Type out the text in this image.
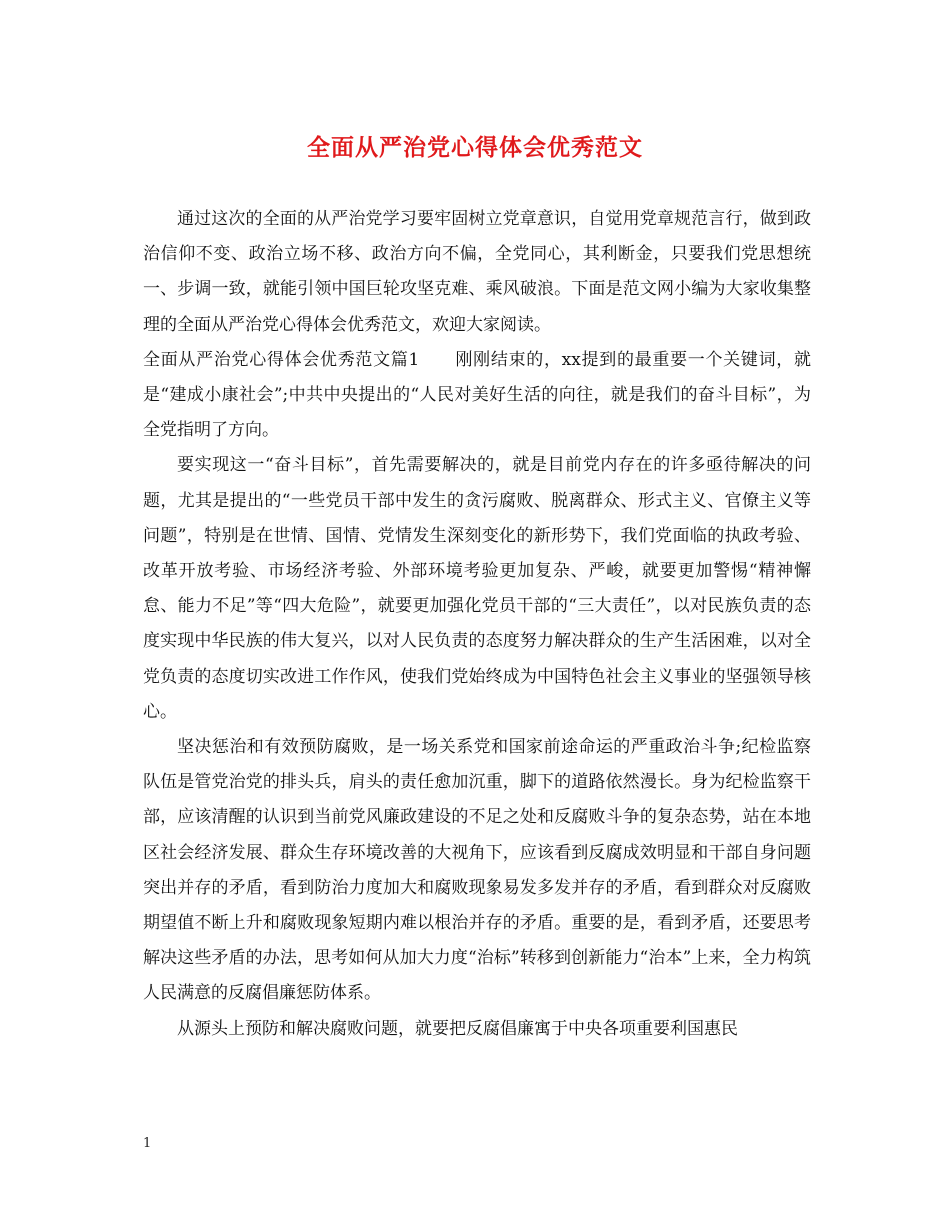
全面从严治党心得体会优秀范文

通过这次的全面的从严治党学习要牢固树立党章意识，自觉用党章规范言行，做到政治信仰不变、政治立场不移、政治方向不偏，全党同心，其利断金，只要我们党思想统一、步调一致，就能引领中国巨轮攻坚克难、乘风破浪。下面是范文网小编为大家收集整理的全面从严治党心得体会优秀范文，欢迎大家阅读。

全面从严治党心得体会优秀范文篇1　　刚刚结束的，xx提到的最重要一个关键词，就是“建成小康社会”;中共中央提出的“人民对美好生活的向往，就是我们的奋斗目标”，为全党指明了方向。

要实现这一“奋斗目标”，首先需要解决的，就是目前党内存在的许多亟待解决的问题，尤其是提出的“一些党员干部中发生的贪污腐败、脱离群众、形式主义、官僚主义等问题”，特别是在世情、国情、党情发生深刻变化的新形势下，我们党面临的执政考验、改革开放考验、市场经济考验、外部环境考验更加复杂、严峻，就要更加警惕“精神懈怠、能力不足”等“四大危险”，就要更加强化党员干部的“三大责任”，以对民族负责的态度实现中华民族的伟大复兴，以对人民负责的态度努力解决群众的生产生活困难，以对全党负责的态度切实改进工作作风，使我们党始终成为中国特色社会主义事业的坚强领导核心。

坚决惩治和有效预防腐败，是一场关系党和国家前途命运的严重政治斗争;纪检监察队伍是管党治党的排头兵，肩头的责任愈加沉重，脚下的道路依然漫长。身为纪检监察干部，应该清醒的认识到当前党风廉政建设的不足之处和反腐败斗争的复杂态势，站在本地区社会经济发展、群众生存环境改善的大视角下，应该看到反腐成效明显和干部自身问题突出并存的矛盾，看到防治力度加大和腐败现象易发多发并存的矛盾，看到群众对反腐败期望值不断上升和腐败现象短期内难以根治并存的矛盾。重要的是，看到矛盾，还要思考解决这些矛盾的办法，思考如何从加大力度“治标”转移到创新能力“治本”上来，全力构筑人民满意的反腐倡廉惩防体系。

从源头上预防和解决腐败问题，就要把反腐倡廉寓于中央各项重要利国惠民

1
